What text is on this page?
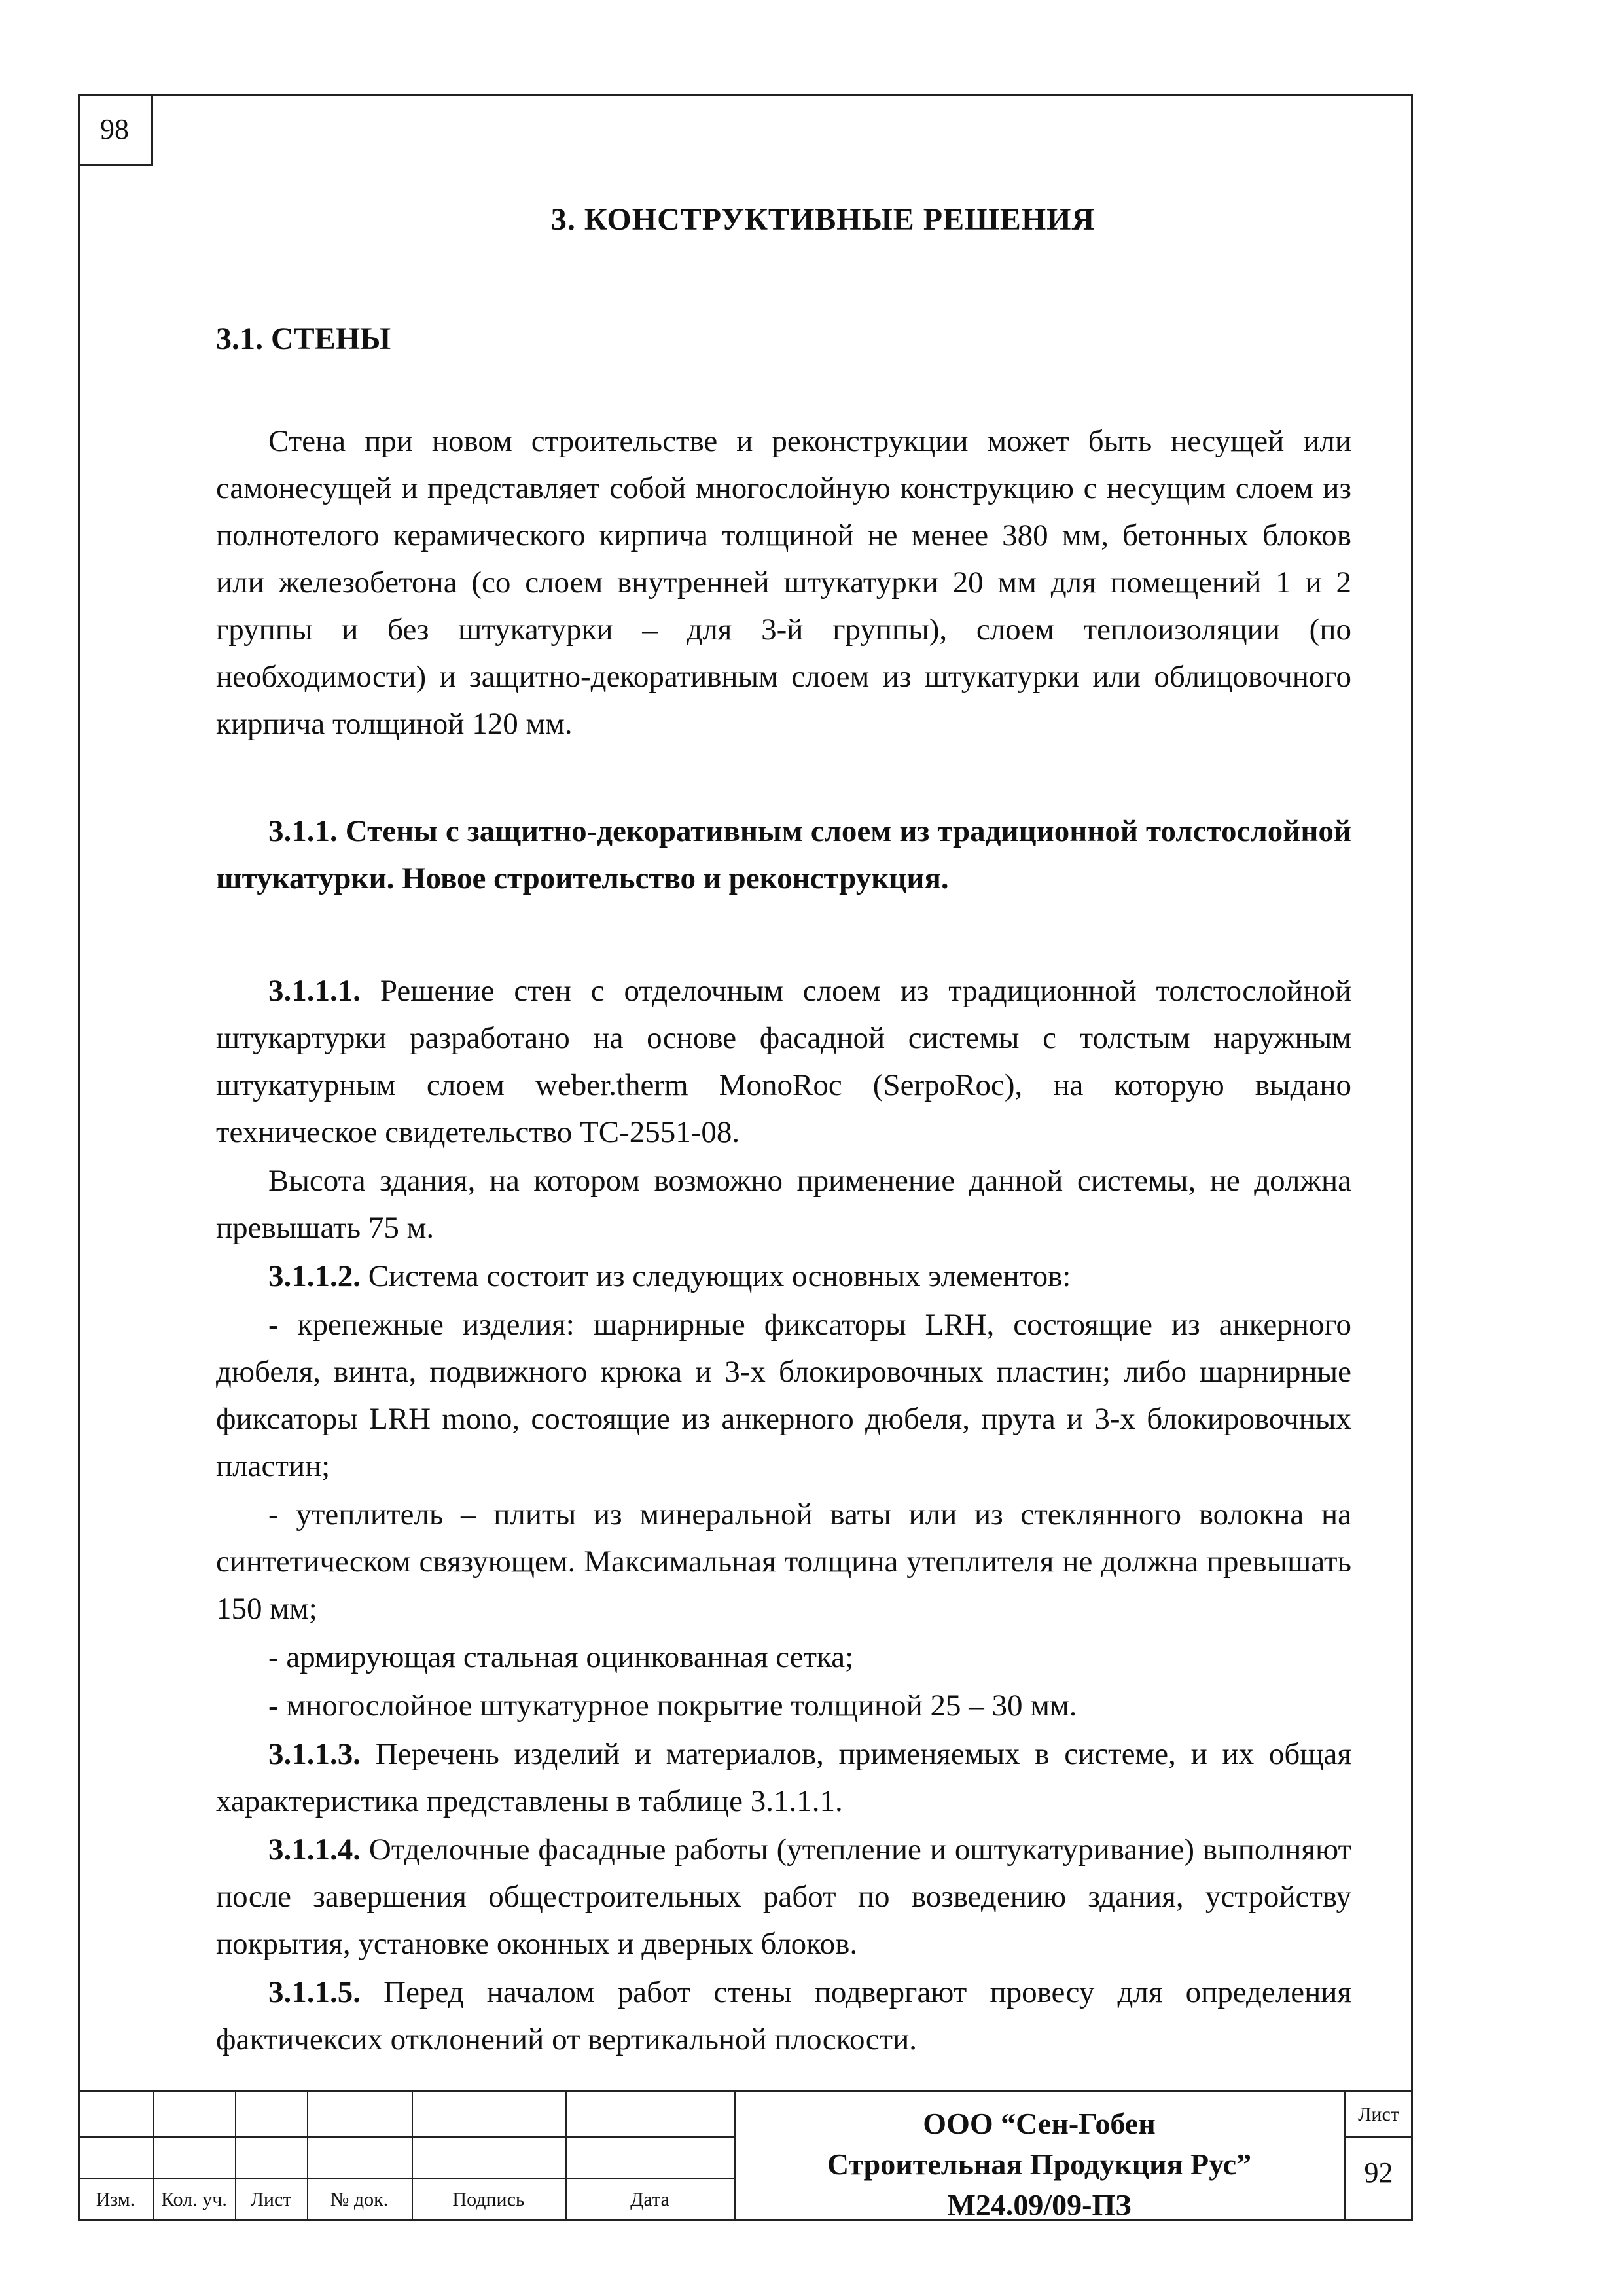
98
3. КОНСТРУКТИВНЫЕ РЕШЕНИЯ
3.1. СТЕНЫ

Стена при новом строительстве и реконструкции может быть несущей или самонесущей и представляет собой многослойную конструкцию с несущим слоем из полнотелого керамического кирпича толщиной не менее 380 мм, бетонных блоков или железобетона (со слоем внутренней штукатурки 20 мм для помещений 1 и 2 группы и без штукатурки – для 3-й группы), слоем теплоизоляции (по необходимости) и защитно-декоративным слоем из штукатурки или облицовочного кирпича толщиной 120 мм.

3.1.1. Стены с защитно-декоративным слоем из традиционной толстослойной штукатурки. Новое строительство и реконструкция.

3.1.1.1. Решение стен с отделочным слоем из традиционной толстослойной штукартурки разработано на основе фасадной системы с толстым наружным штукатурным слоем weber.therm MonoRoc (SerpoRoc), на которую выдано техническое свидетельство ТС-2551-08.

Высота здания, на котором возможно применение данной системы, не должна превышать 75 м.

3.1.1.2. Система состоит из следующих основных элементов:

- крепежные изделия: шарнирные фиксаторы LRH, состоящие из анкерного дюбеля, винта, подвижного крюка и 3-х блокировочных пластин; либо шарнирные фиксаторы LRH mono, состоящие из анкерного дюбеля, прута и 3-х блокировочных пластин;

- утеплитель – плиты из минеральной ваты или из стеклянного волокна на синтетическом связующем. Максимальная толщина утеплителя не должна превышать 150 мм;

- армирующая стальная оцинкованная сетка;

- многослойное штукатурное покрытие толщиной 25 – 30 мм.

3.1.1.3. Перечень изделий и материалов, применяемых в системе, и их общая характеристика представлены в таблице 3.1.1.1.

3.1.1.4. Отделочные фасадные работы (утепление и оштукатуривание) выполняют после завершения общестроительных работ по возведению здания, устройству покрытия, установке оконных и дверных блоков.

3.1.1.5. Перед началом работ стены подвергают провесу для определения фактичексих отклонений от вертикальной плоскости.

Изм.	Кол. уч.	Лист	№ док.	Подпись	Дата
ООО “Сен-Гобен
Строительная Продукция Рус”
М24.09/09-ПЗ
Лист
92
